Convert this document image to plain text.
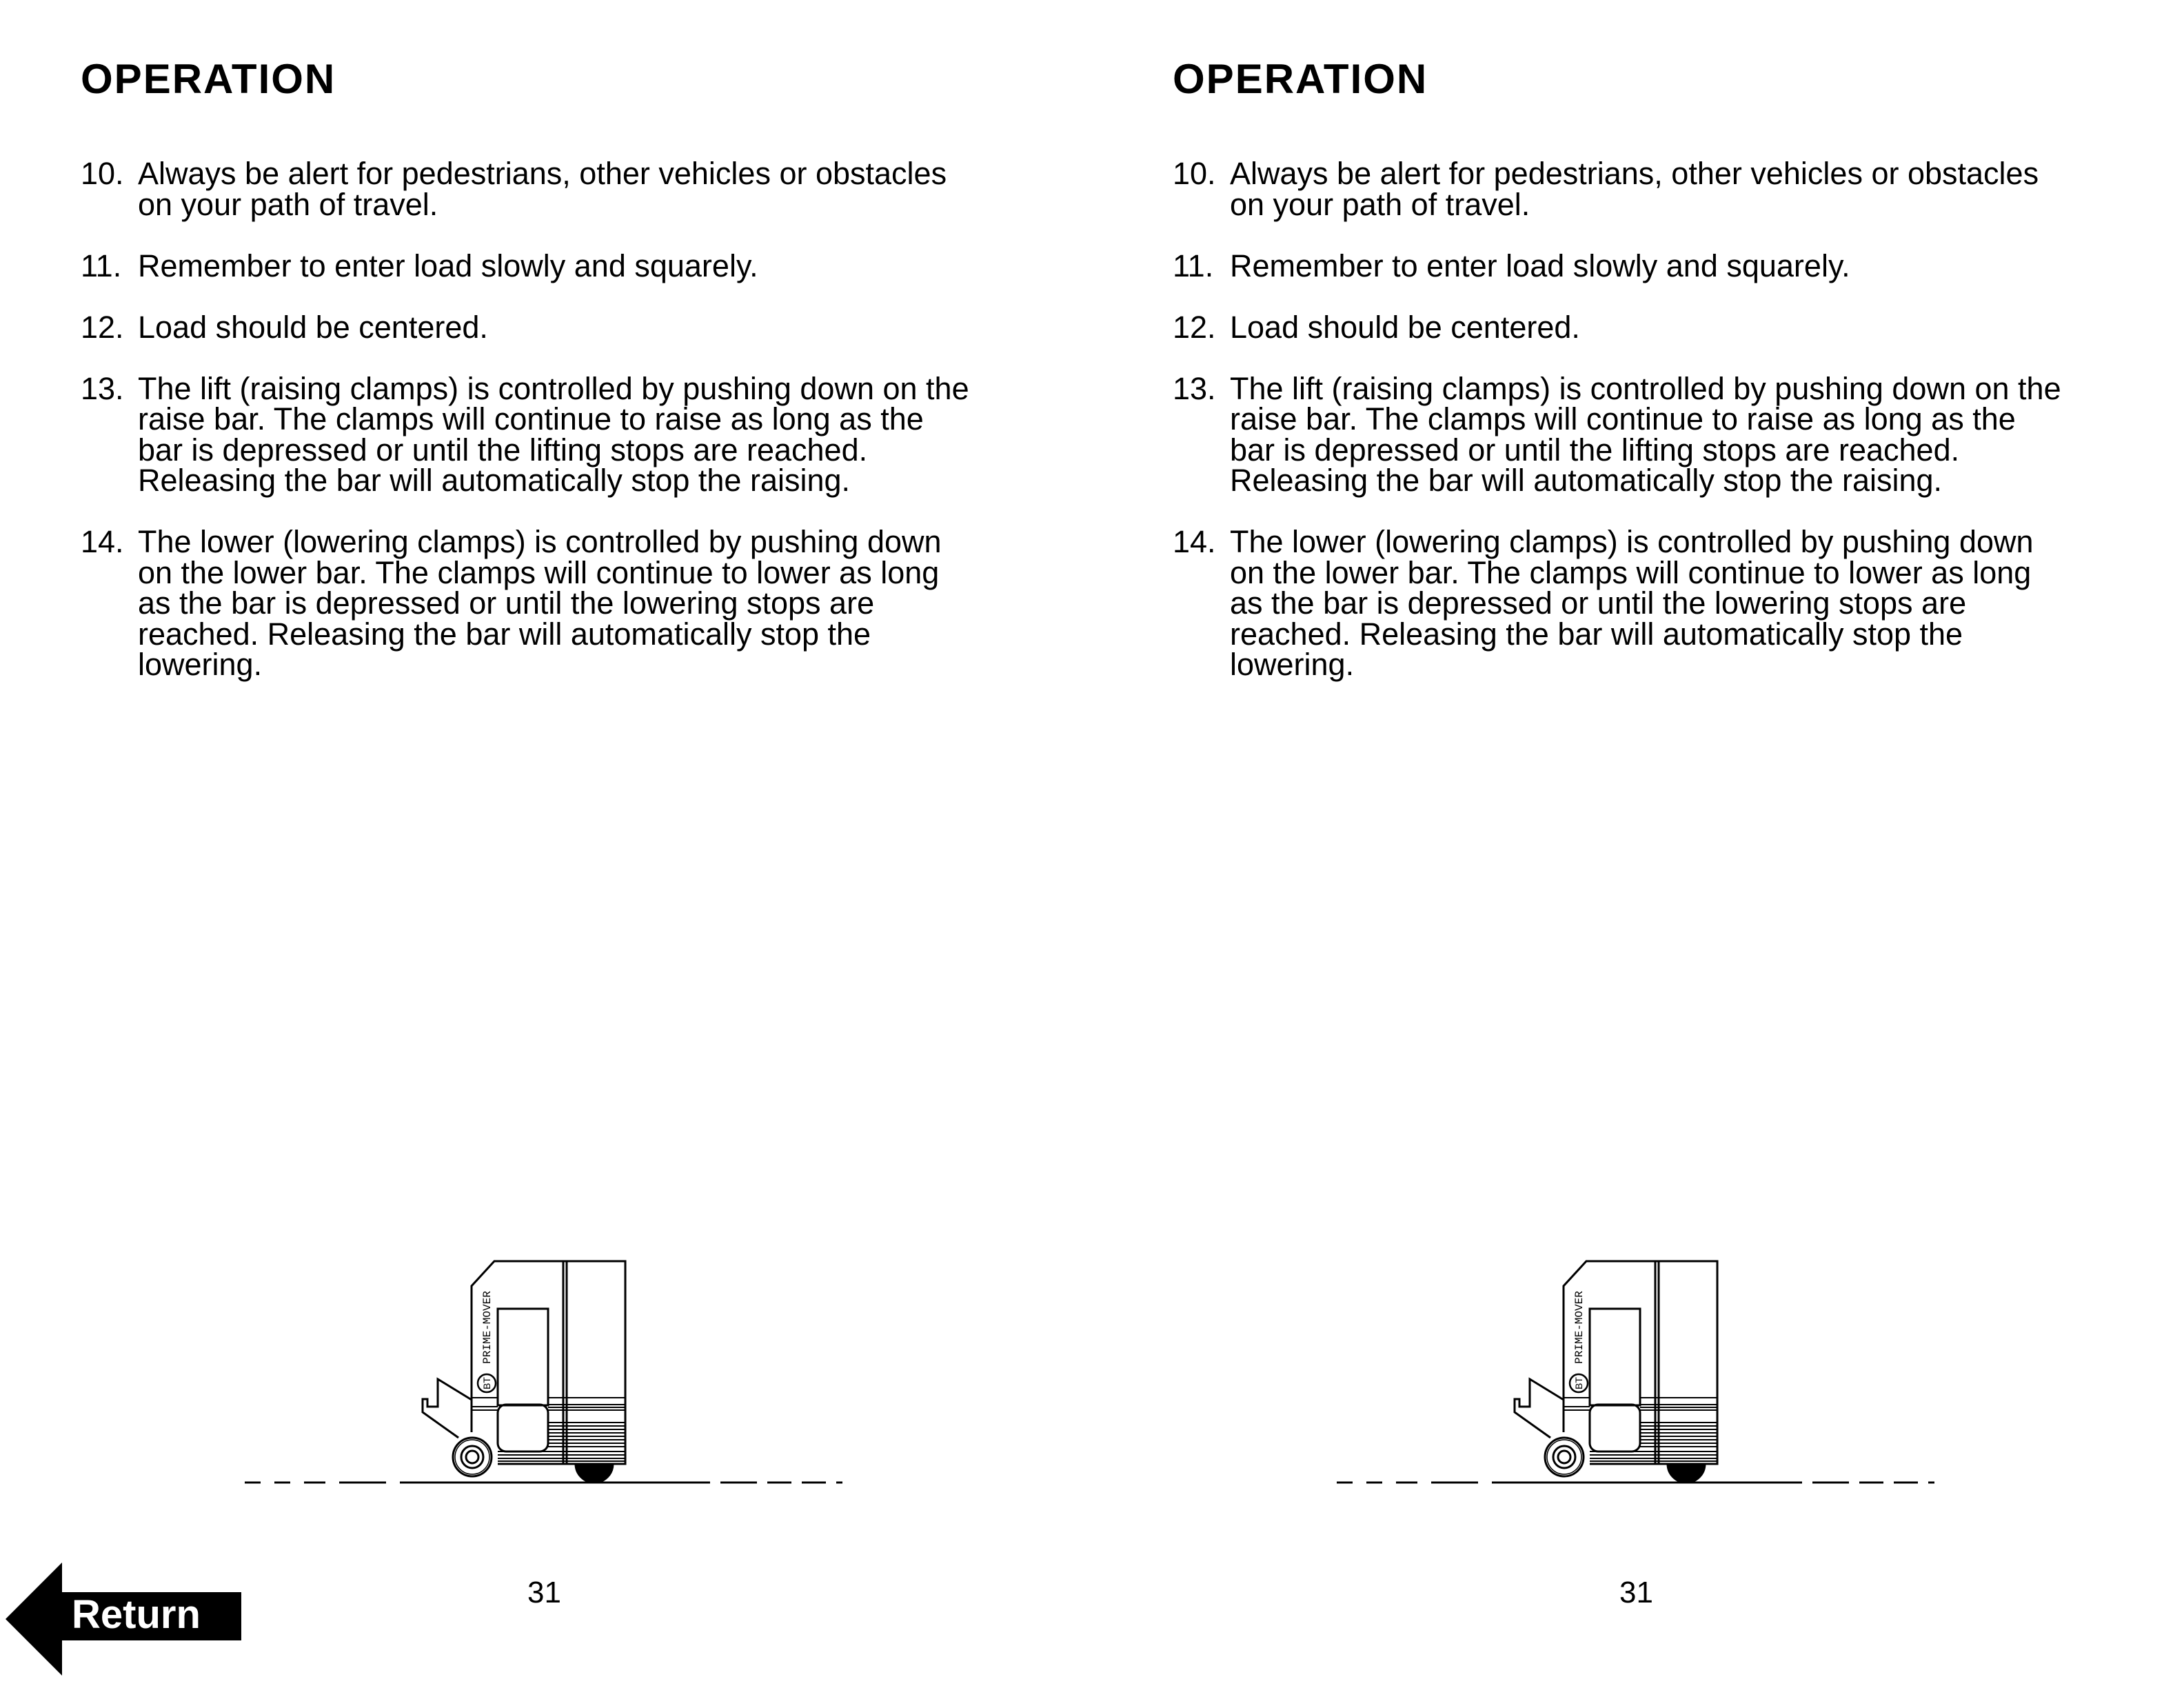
OPERATION
10. Always be alert for pedestrians, other vehicles or obstacles
on your path of travel.
11. Remember to enter load slowly and squarely.
12. Load should be centered.
13. The lift (raising clamps) is controlled by pushing down on the
raise bar. The clamps will continue to raise as long as the
bar is depressed or until the lifting stops are reached.
Releasing the bar will automatically stop the raising.
14. The lower (lowering clamps) is controlled by pushing down
on the lower bar. The clamps will continue to lower as long
as the bar is depressed or until the lowering stops are
reached. Releasing the bar will automatically stop the
lowering.
BT
PRIME-MOVER
31
OPERATION
10. Always be alert for pedestrians, other vehicles or obstacles
on your path of travel.
11. Remember to enter load slowly and squarely.
12. Load should be centered.
13. The lift (raising clamps) is controlled by pushing down on the
raise bar. The clamps will continue to raise as long as the
bar is depressed or until the lifting stops are reached.
Releasing the bar will automatically stop the raising.
14. The lower (lowering clamps) is controlled by pushing down
on the lower bar. The clamps will continue to lower as long
as the bar is depressed or until the lowering stops are
reached. Releasing the bar will automatically stop the
lowering.
BT
PRIME-MOVER
31
Return
